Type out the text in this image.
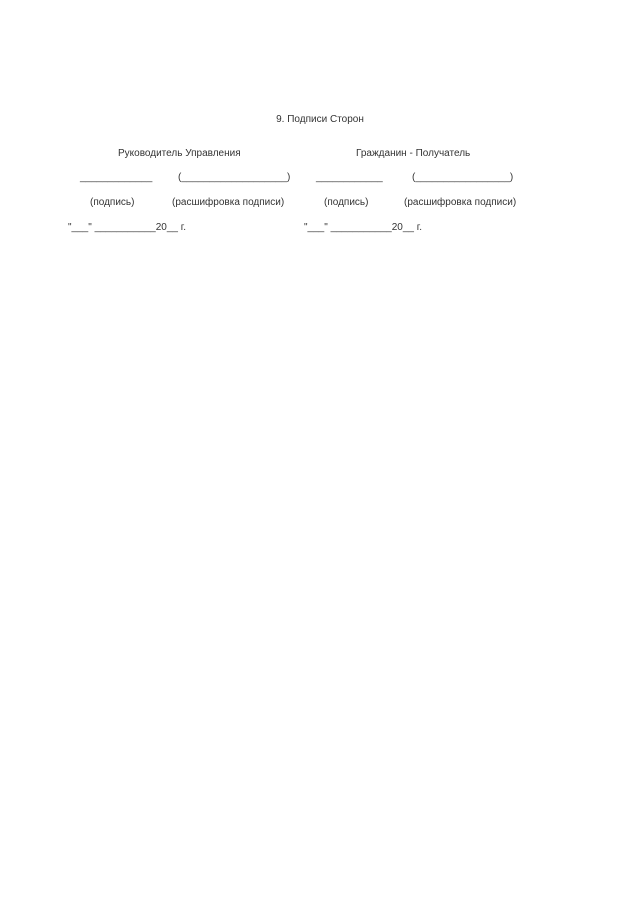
9. Подписи Сторон
Руководитель Управления	Гражданин - Получатель
_____________	(___________________)	____________	(_________________)
(подпись)	(расшифровка подписи)	(подпись)	(расшифровка подписи)
"___" ___________20__ г.	"___" ___________20__ г.
